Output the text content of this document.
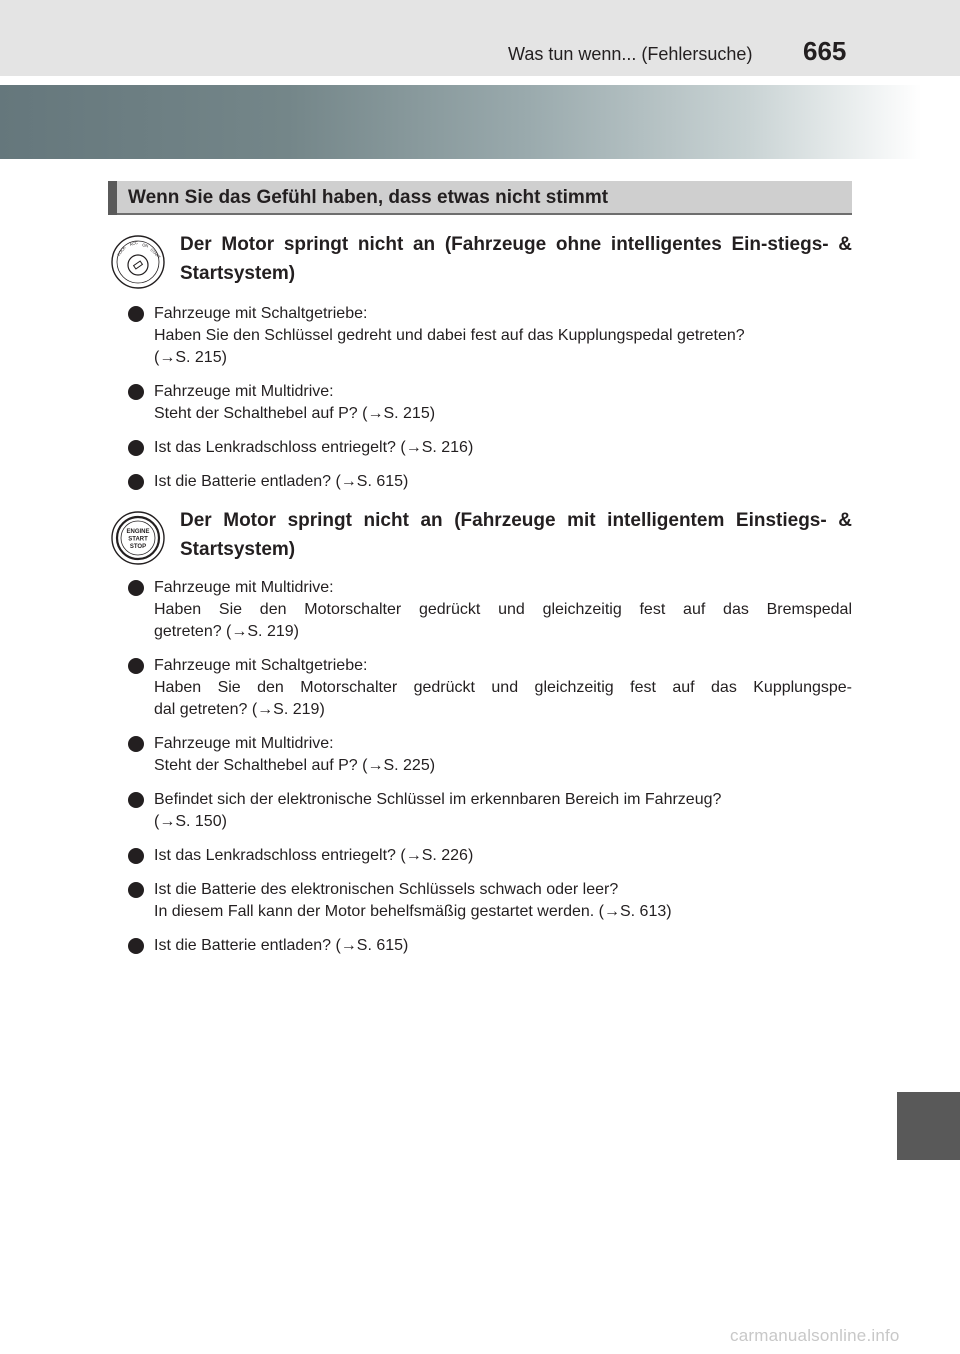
Was tun wenn... (Fehlersuche) 665
Wenn Sie das Gefühl haben, dass etwas nicht stimmt
LOCK
ACC ON
START Der Motor springt nicht an (Fahrzeuge ohne intelligentes Ein-stiegs- & Startsystem)
Fahrzeuge mit Schaltgetriebe:
Haben Sie den Schlüssel gedreht und dabei fest auf das Kupplungspedal getreten?
(→S. 215)
Fahrzeuge mit Multidrive:
Steht der Schalthebel auf P? (→S. 215)
Ist das Lenkradschloss entriegelt? (→S. 216)
Ist die Batterie entladen? (→S. 615)
ENGINE
START
STOP
Der Motor springt nicht an (Fahrzeuge mit intelligentem Einstiegs- & Startsystem)
Fahrzeuge mit Multidrive:
Haben Sie den Motorschalter gedrückt und gleichzeitig fest auf das Bremspedal
getreten? (→S. 219)
Fahrzeuge mit Schaltgetriebe:
Haben Sie den Motorschalter gedrückt und gleichzeitig fest auf das Kupplungspe-
dal getreten? (→S. 219)
Fahrzeuge mit Multidrive:
Steht der Schalthebel auf P? (→S. 225)
Befindet sich der elektronische Schlüssel im erkennbaren Bereich im Fahrzeug?
(→S. 150)
Ist das Lenkradschloss entriegelt? (→S. 226)
Ist die Batterie des elektronischen Schlüssels schwach oder leer?
In diesem Fall kann der Motor behelfsmäßig gestartet werden. (→S. 613)
Ist die Batterie entladen? (→S. 615)
carmanualsonline.info
